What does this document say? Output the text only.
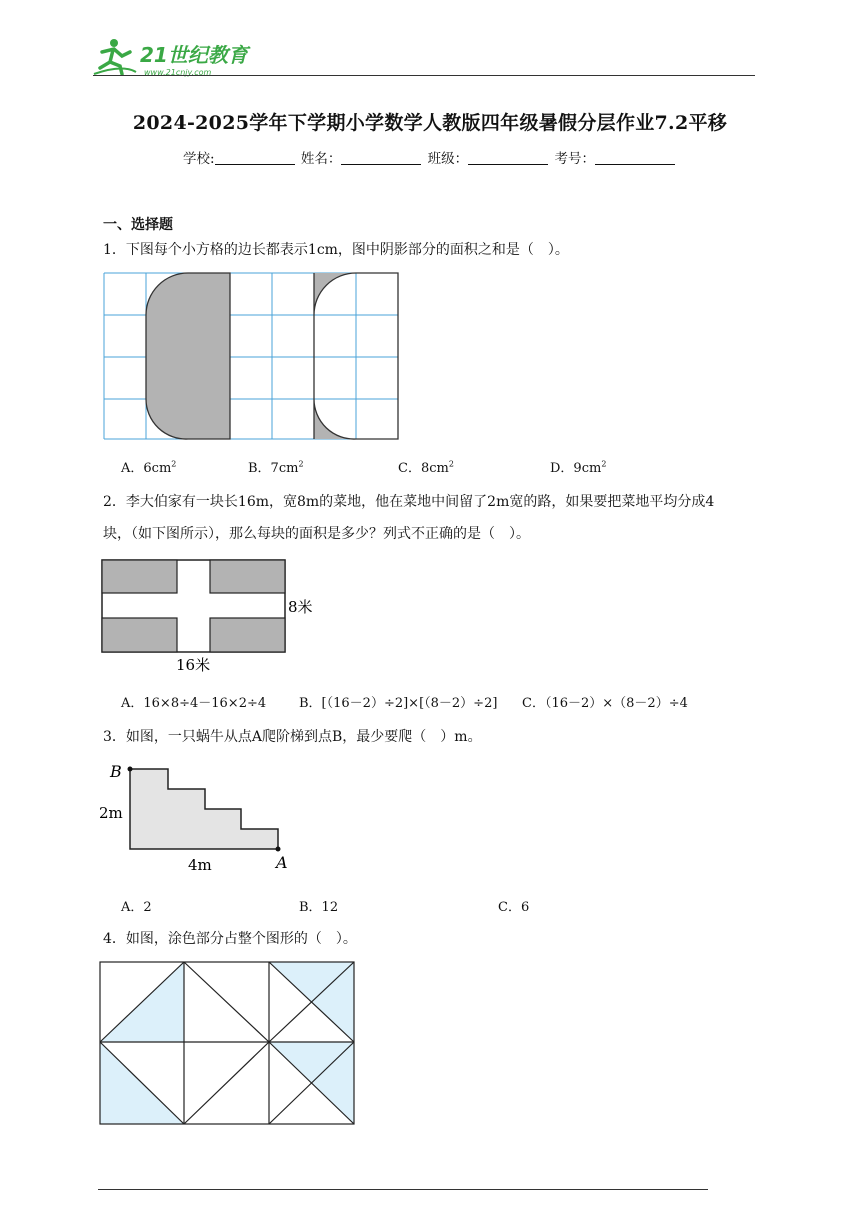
21世纪教育
www.21cnjy.com
2024-2025学年下学期小学数学人教版四年级暑假分层作业7.2平移
学校:	姓名：	班级：	考号：
一、选择题
1．下图每个小方格的边长都表示1cm，图中阴影部分的面积之和是（　）。
A．$6cm^2$	B．$7cm^2$	C．$8cm^2$	D．$9cm^2$
2．李大伯家有一块长16m，宽8m的菜地，他在菜地中间留了2m宽的路，如果要把菜地平均分成4
块，（如下图所示），那么每块的面积是多少？列式不正确的是（　）。
8米
16米
A．16×8÷4－16×2÷4	B．[（16－2）÷2]×[（8－2）÷2] C．（16－2）×（8－2）÷4
3．如图，一只蜗牛从点A爬阶梯到点B，最少要爬（　）m。
B
A
2m
4m
A．2	B．12	C．6
4．如图，涂色部分占整个图形的（　）。
